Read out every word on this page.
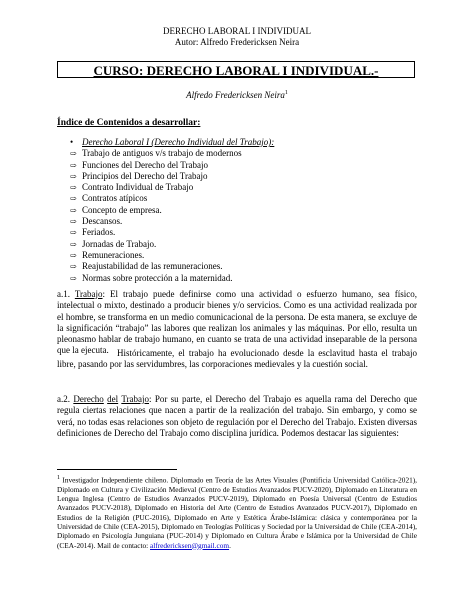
DERECHO LABORAL I INDIVIDUAL
Autor: Alfredo Fredericksen Neira
CURSO: DERECHO LABORAL I INDIVIDUAL.-
Alfredo Fredericksen Neira$^1$
Índice de Contenidos a desarrollar:
• Derecho Laboral I (Derecho Individual del Trabajo):
⇨ Trabajo de antiguos v/s trabajo de modernos
⇨ Funciones del Derecho del Trabajo
⇨ Principios del Derecho del Trabajo
⇨ Contrato Individual de Trabajo
⇨ Contratos atípicos
⇨ Concepto de empresa.
⇨ Descansos.
⇨ Feriados.
⇨ Jornadas de Trabajo.
⇨ Remuneraciones.
⇨ Reajustabilidad de las remuneraciones.
⇨ Normas sobre protección a la maternidad.

a.1. Trabajo: El trabajo puede definirse como una actividad o esfuerzo humano, sea físico, intelectual o mixto, destinado a producir bienes y/o servicios. Como es una actividad realizada por el hombre, se transforma en un medio comunicacional de la persona. De esta manera, se excluye de la significación “trabajo” las labores que realizan los animales y las máquinas. Por ello, resulta un pleonasmo hablar de trabajo humano, en cuanto se trata de una actividad inseparable de la persona que la ejecuta. Históricamente, el trabajo ha evolucionado desde la esclavitud hasta el trabajo libre, pasando por las servidumbres, las corporaciones medievales y la cuestión social.

a.2. Derecho del Trabajo: Por su parte, el Derecho del Trabajo es aquella rama del Derecho que regula ciertas relaciones que nacen a partir de la realización del trabajo. Sin embargo, y como se verá, no todas esas relaciones son objeto de regulación por el Derecho del Trabajo. Existen diversas definiciones de Derecho del Trabajo como disciplina jurídica. Podemos destacar las siguientes:

$^1$ Investigador Independiente chileno. Diplomado en Teoría de las Artes Visuales (Pontificia Universidad Católica-2021), Diplomado en Cultura y Civilización Medieval (Centro de Estudios Avanzados PUCV-2020), Diplomado en Literatura en Lengua Inglesa (Centro de Estudios Avanzados PUCV-2019), Diplomado en Poesía Universal (Centro de Estudios Avanzados PUCV-2018), Diplomado en Historia del Arte (Centro de Estudios Avanzados PUCV-2017), Diplomado en Estudios de la Religión (PUC-2016), Diplomado en Arte y Estética Árabe-Islámica: clásica y contemporánea por la Universidad de Chile (CEA-2015), Diplomado en Teologías Políticas y Sociedad por la Universidad de Chile (CEA-2014), Diplomado en Psicología Junguiana (PUC-2014) y Diplomado en Cultura Árabe e Islámica por la Universidad de Chile (CEA-2014). Mail de contacto: alfredericksen@gmail.com.
